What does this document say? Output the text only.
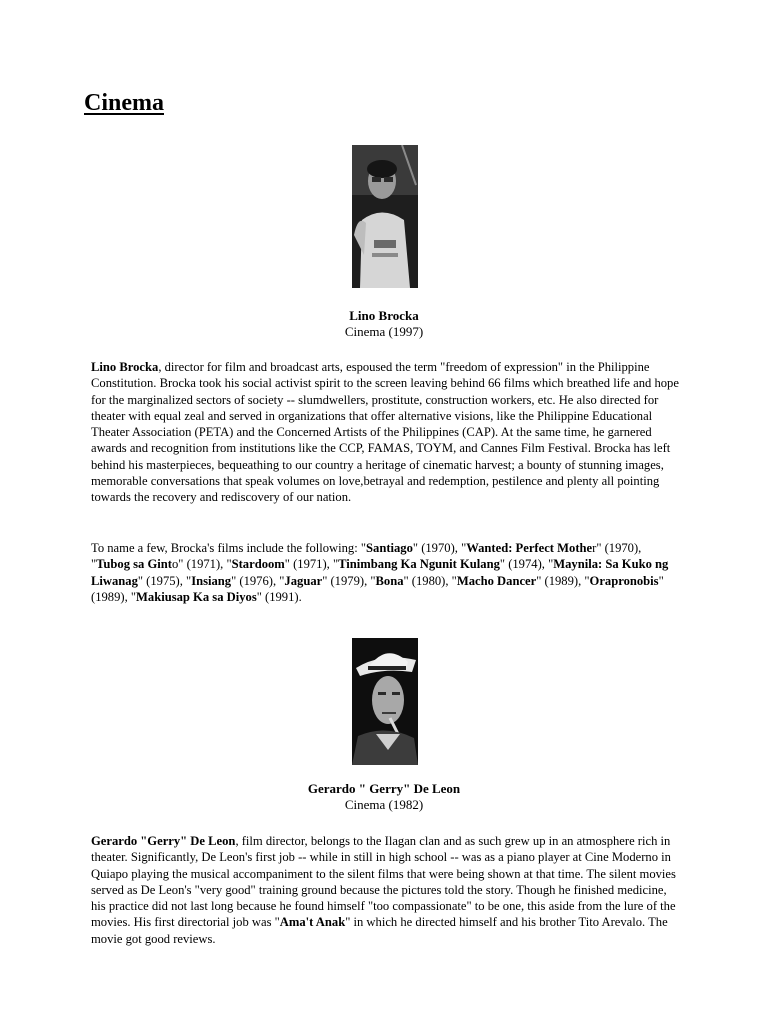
Cinema
Lino Brocka
Cinema (1997)

Lino Brocka, director for film and broadcast arts, espoused the term "freedom of expression" in the Philippine Constitution. Brocka took his social activist spirit to the screen leaving behind 66 films which breathed life and hope for the marginalized sectors of society -- slumdwellers, prostitute, construction workers, etc. He also directed for theater with equal zeal and served in organizations that offer alternative visions, like the Philippine Educational Theater Association (PETA) and the Concerned Artists of the Philippines (CAP). At the same time, he garnered awards and recognition from institutions like the CCP, FAMAS, TOYM, and Cannes Film Festival. Brocka has left behind his masterpieces, bequeathing to our country a heritage of cinematic harvest; a bounty of stunning images, memorable conversations that speak volumes on love,betrayal and redemption, pestilence and plenty all pointing towards the recovery and rediscovery of our nation.

To name a few, Brocka's films include the following: "Santiago" (1970), "Wanted: Perfect Mother" (1970), "Tubog sa Ginto" (1971), "Stardoom" (1971), "Tinimbang Ka Ngunit Kulang" (1974), "Maynila: Sa Kuko ng Liwanag" (1975), "Insiang" (1976), "Jaguar" (1979), "Bona" (1980), "Macho Dancer" (1989), "Orapronobis" (1989), "Makiusap Ka sa Diyos" (1991).

Gerardo " Gerry" De Leon
Cinema (1982)

Gerardo "Gerry" De Leon, film director, belongs to the Ilagan clan and as such grew up in an atmosphere rich in theater. Significantly, De Leon's first job -- while in still in high school -- was as a piano player at Cine Moderno in Quiapo playing the musical accompaniment to the silent films that were being shown at that time. The silent movies served as De Leon's "very good" training ground because the pictures told the story. Though he finished medicine, his practice did not last long because he found himself "too compassionate" to be one, this aside from the lure of the movies. His first directorial job was "Ama't Anak" in which he directed himself and his brother Tito Arevalo. The movie got good reviews.
